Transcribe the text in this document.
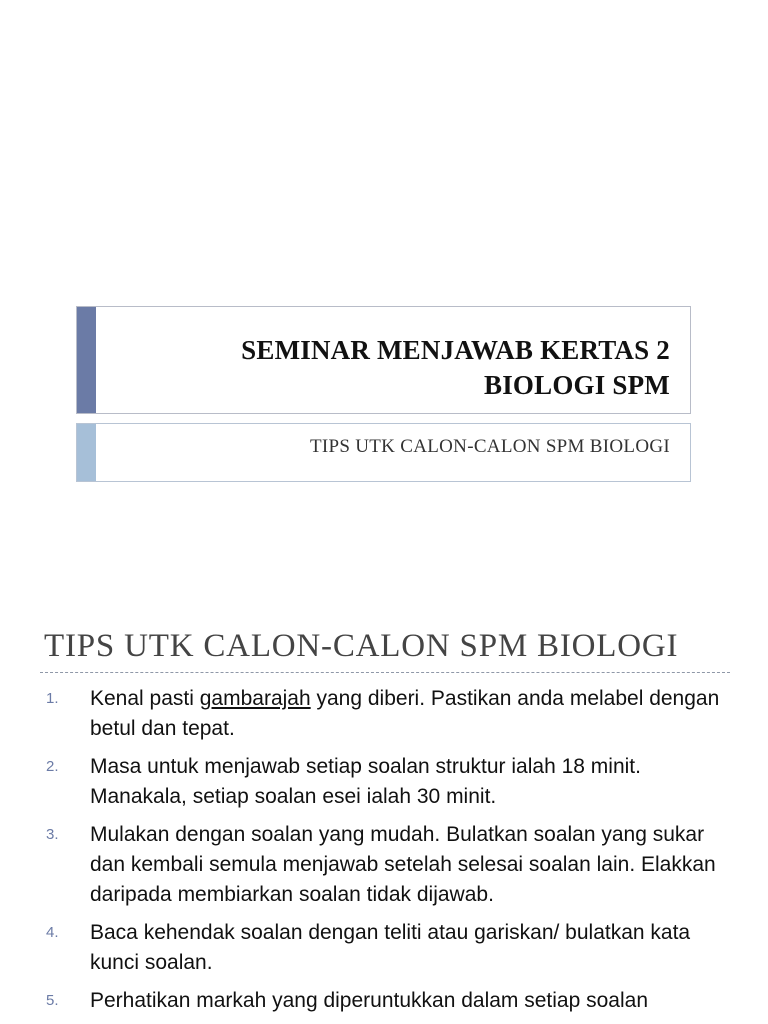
SEMINAR MENJAWAB KERTAS 2
BIOLOGI SPM
TIPS UTK CALON-CALON SPM BIOLOGI
TIPS UTK CALON-CALON SPM BIOLOGI
1. Kenal pasti gambarajah yang diberi. Pastikan anda melabel dengan betul dan tepat.
2. Masa untuk menjawab setiap soalan struktur ialah 18 minit. Manakala, setiap soalan esei ialah 30 minit.
3. Mulakan dengan soalan yang mudah. Bulatkan soalan yang sukar dan kembali semula menjawab setelah selesai soalan lain. Elakkan daripada membiarkan soalan tidak dijawab.
4. Baca kehendak soalan dengan teliti atau gariskan/ bulatkan kata kunci soalan.
5. Perhatikan markah yang diperuntukkan dalam setiap soalan
